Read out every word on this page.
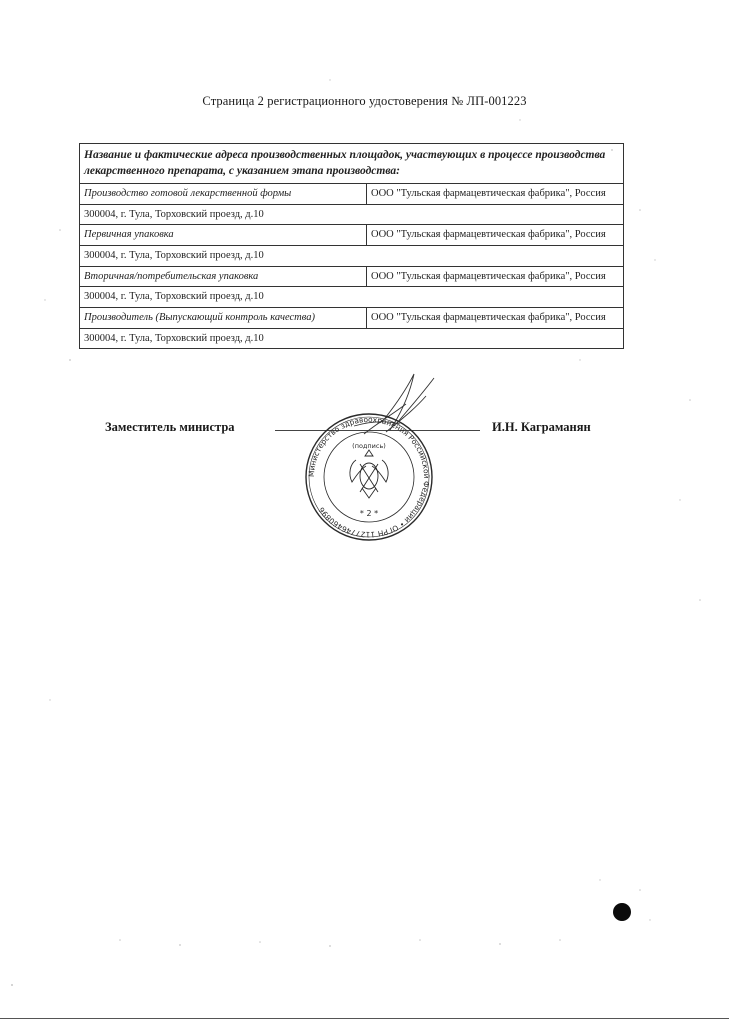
Страница 2 регистрационного удостоверения № ЛП-001223
Название и фактические адреса производственных площадок, участвующих в процессе производства лекарственного препарата, с указанием этапа производства:	
Производство готовой лекарственной формы	ООО "Тульская фармацевтическая фабрика", Россия
300004, г. Тула, Торховский проезд, д.10	
Первичная упаковка	ООО "Тульская фармацевтическая фабрика", Россия
300004, г. Тула, Торховский проезд, д.10	
Вторичная/потребительская упаковка	ООО "Тульская фармацевтическая фабрика", Россия
300004, г. Тула, Торховский проезд, д.10	
Производитель (Выпускающий контроль качества)	ООО "Тульская фармацевтическая фабрика", Россия
300004, г. Тула, Торховский проезд, д.10	
Заместитель министра	И.Н. Каграманян
Министерство здравоохранения Российской Федерации • ОГРН 1127746460896
(подпись)
* 2 *
